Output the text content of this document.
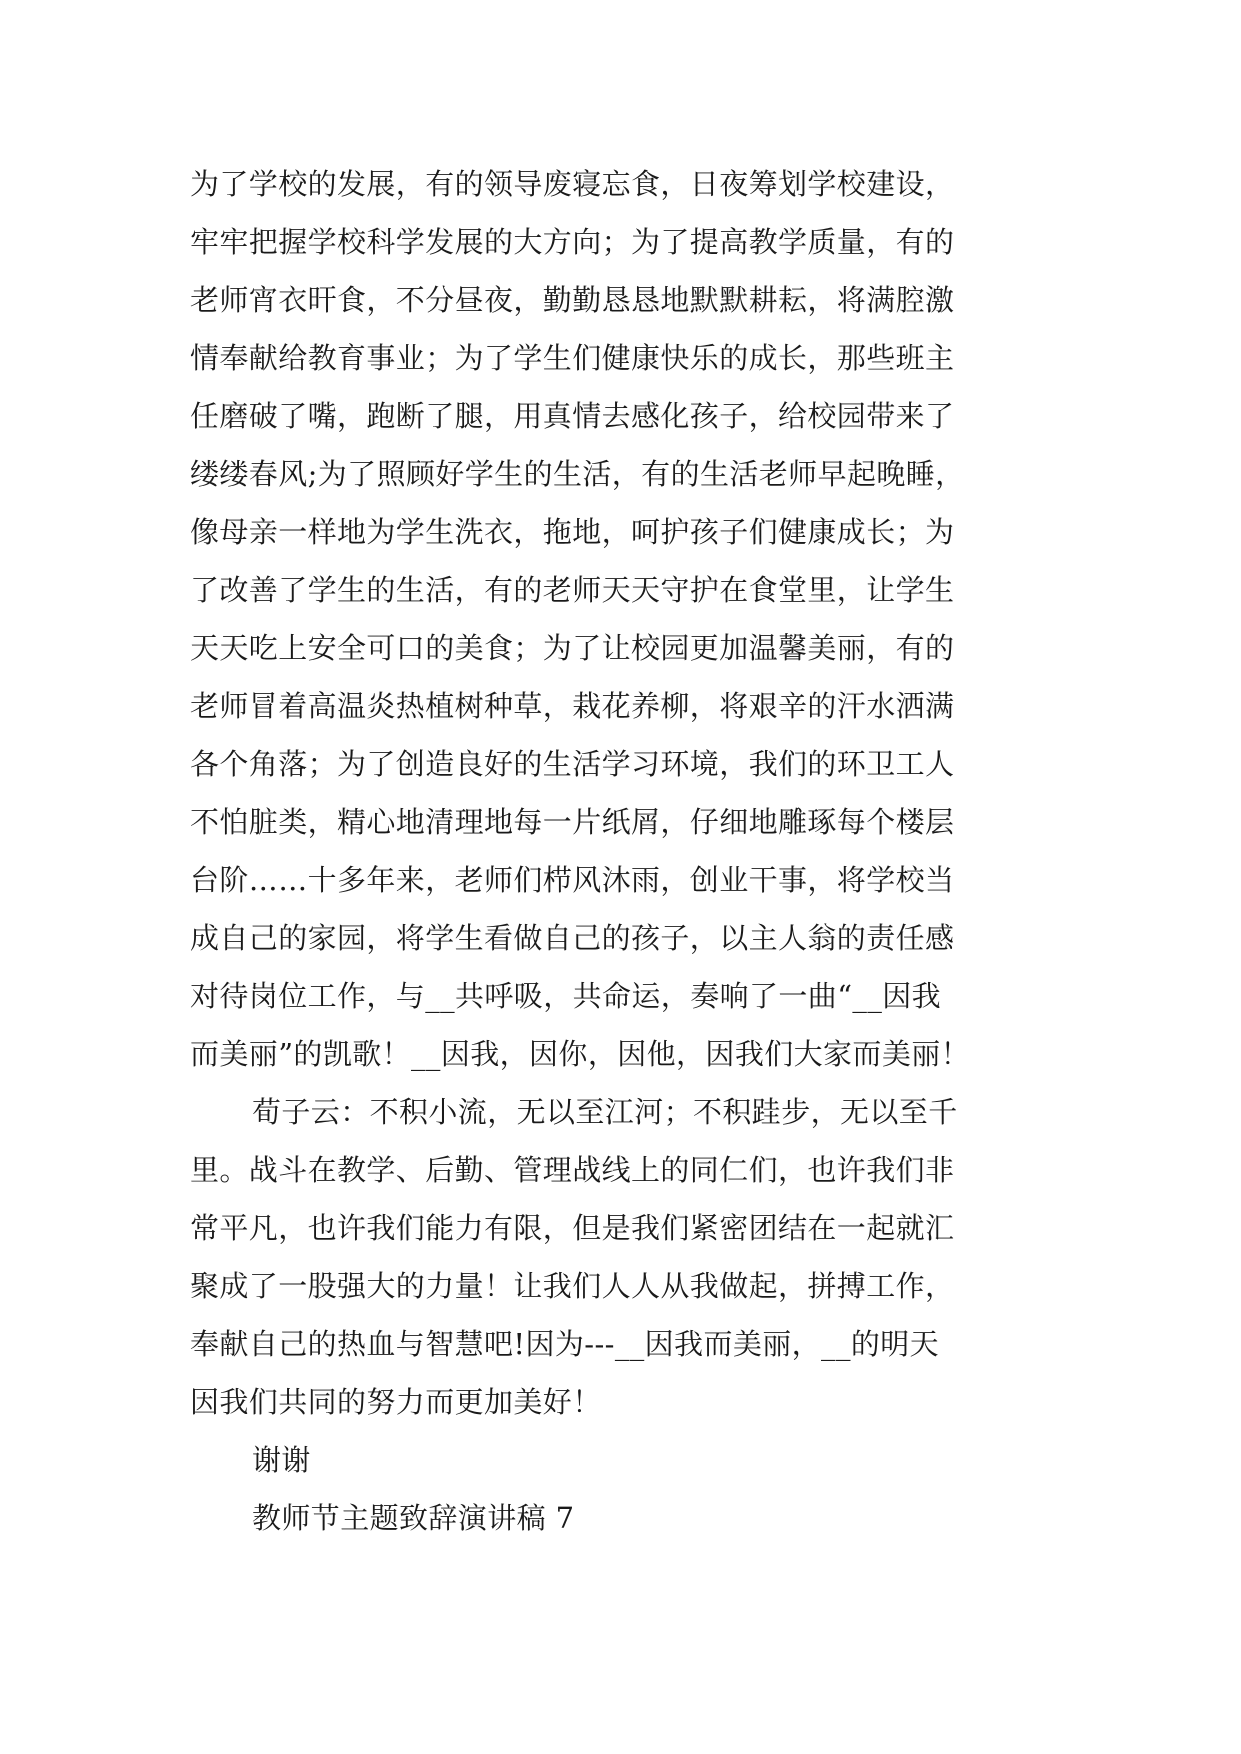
为了学校的发展，有的领导废寝忘食，日夜筹划学校建设，
牢牢把握学校科学发展的大方向；为了提高教学质量，有的
老师宵衣旰食，不分昼夜，勤勤恳恳地默默耕耘，将满腔激
情奉献给教育事业；为了学生们健康快乐的成长，那些班主
任磨破了嘴，跑断了腿，用真情去感化孩子，给校园带来了
缕缕春风;为了照顾好学生的生活，有的生活老师早起晚睡，
像母亲一样地为学生洗衣，拖地，呵护孩子们健康成长；为
了改善了学生的生活，有的老师天天守护在食堂里，让学生
天天吃上安全可口的美食；为了让校园更加温馨美丽，有的
老师冒着高温炎热植树种草，栽花养柳，将艰辛的汗水洒满
各个角落；为了创造良好的生活学习环境，我们的环卫工人
不怕脏类，精心地清理地每一片纸屑，仔细地雕琢每个楼层
台阶……十多年来，老师们栉风沐雨，创业干事，将学校当
成自己的家园，将学生看做自己的孩子，以主人翁的责任感
对待岗位工作，与__共呼吸，共命运，奏响了一曲“__因我
而美丽”的凯歌！__因我，因你，因他，因我们大家而美丽！
荀子云：不积小流，无以至江河；不积跬步，无以至千
里。战斗在教学、后勤、管理战线上的同仁们，也许我们非
常平凡，也许我们能力有限，但是我们紧密团结在一起就汇
聚成了一股强大的力量！让我们人人从我做起，拼搏工作，
奉献自己的热血与智慧吧!因为---__因我而美丽，__的明天
因我们共同的努力而更加美好！
谢谢
教师节主题致辞演讲稿 7
